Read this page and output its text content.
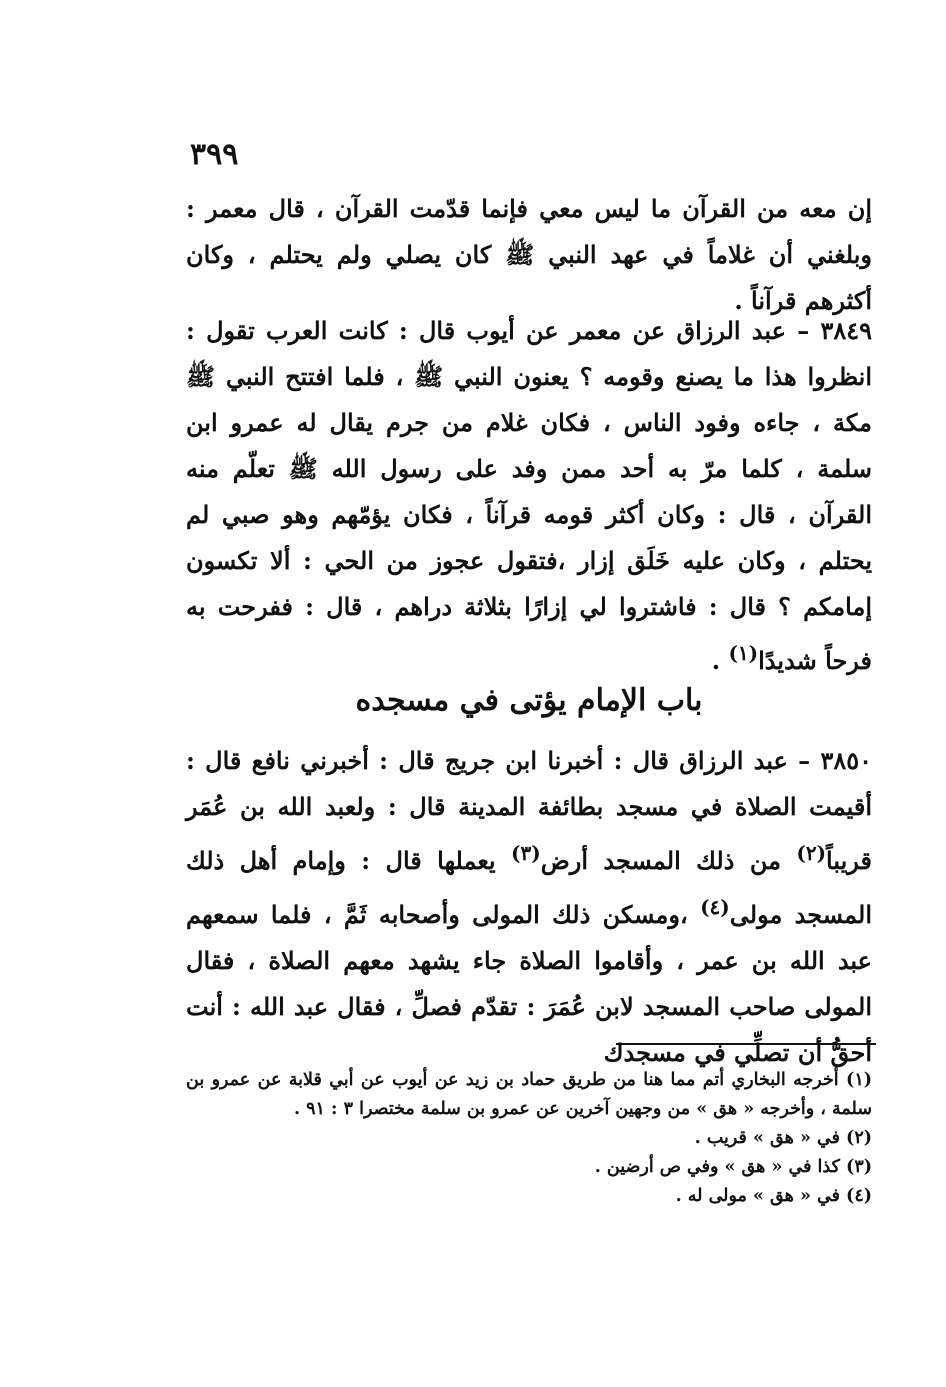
٣٩٩

إن معه من القرآن ما ليس معي فإنما قدّمت القرآن ، قال معمر : وبلغني أن غلاماً في عهد النبي ﷺ كان يصلي ولم يحتلم ، وكان أكثرهم قرآناً .

٣٨٤٩ – عبد الرزاق عن معمر عن أيوب قال : كانت العرب تقول : انظروا هذا ما يصنع وقومه ؟ يعنون النبي ﷺ ، فلما افتتح النبي ﷺ مكة ، جاءه وفود الناس ، فكان غلام من جرم يقال له عمرو ابن سلمة ، كلما مرّ به أحد ممن وفد على رسول الله ﷺ تعلّم منه القرآن ، قال : وكان أكثر قومه قرآناً ، فكان يؤمّهم وهو صبي لم يحتلم ، وكان عليه خَلَق إزار ،فتقول عجوز من الحي : ألا تكسون إمامكم ؟ قال : فاشتروا لي إزارًا بثلاثة دراهم ، قال : ففرحت به فرحاً شديدًا$^{(١)}$ .

باب الإمام يؤتى في مسجده

٣٨٥٠ – عبد الرزاق قال : أخبرنا ابن جريج قال : أخبرني نافع قال : أقيمت الصلاة في مسجد بطائفة المدينة قال : ولعبد الله بن عُمَر قريباً$^{(٢)}$ من ذلك المسجد أرض$^{(٣)}$ يعملها قال : وإمام أهل ذلك المسجد مولى$^{(٤)}$ ،ومسكن ذلك المولى وأصحابه ثَمَّ ، فلما سمعهم عبد الله بن عمر ، وأقاموا الصلاة جاء يشهد معهم الصلاة ، فقال المولى صاحب المسجد لابن عُمَرَ : تقدّم فصلِّ ، فقال عبد الله : أنت أحقُّ أن تصلِّي في مسجدك

(١) أخرجه البخاري أتم مما هنا من طريق حماد بن زيد عن أيوب عن أبي قلابة عن عمرو بن سلمة ، وأخرجه « هق » من وجهين آخرين عن عمرو بن سلمة مختصرا ٣ : ٩١ .
(٢) في « هق » قريب .
(٣) كذا في « هق » وفي ص أرضين .
(٤) في « هق » مولى له .
